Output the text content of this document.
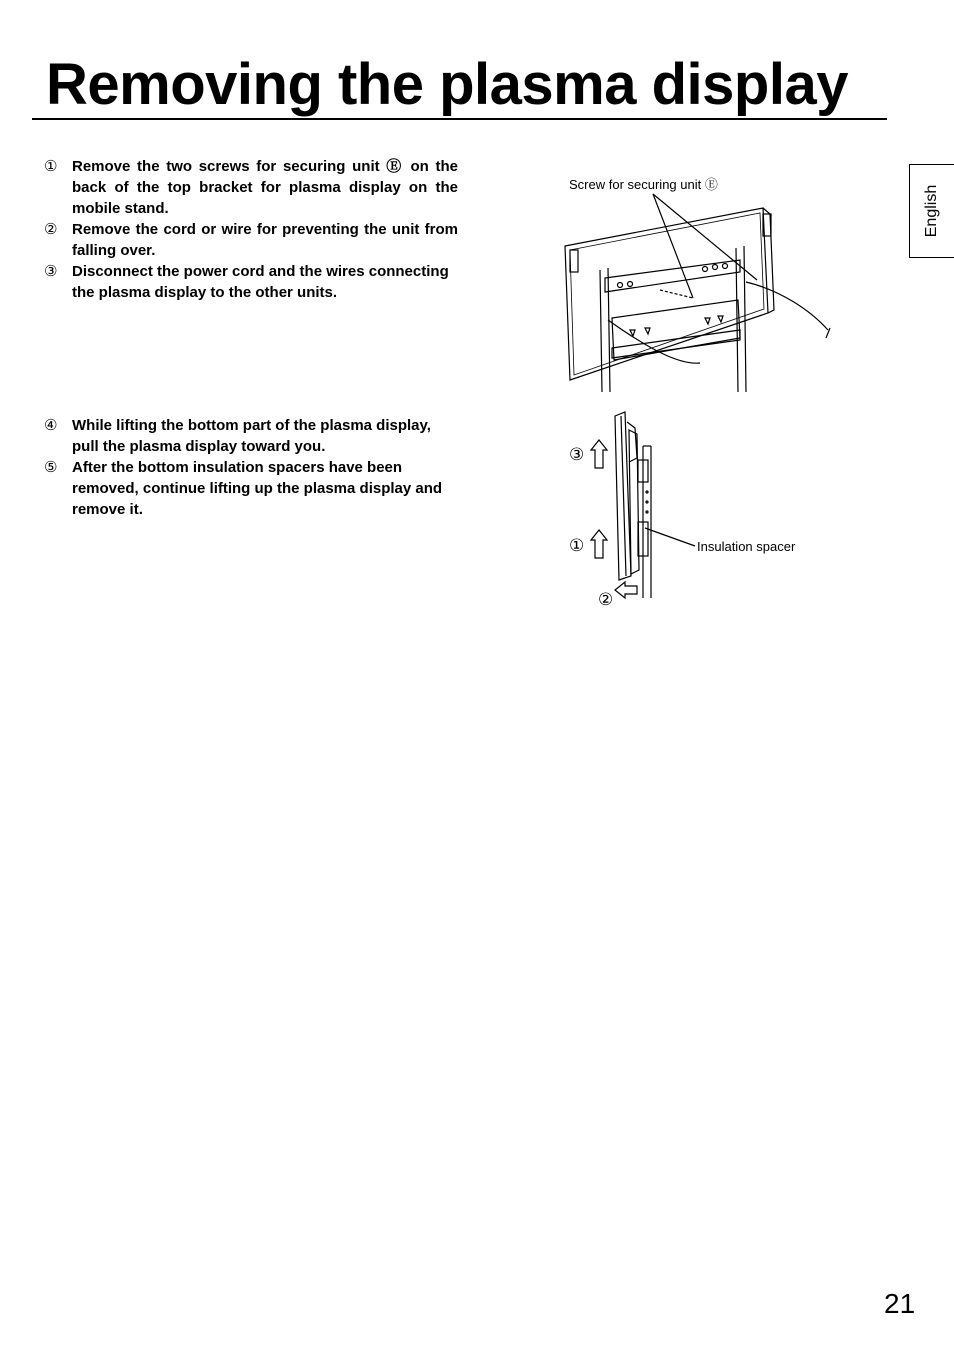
Removing the plasma display
English
① Remove the two screws for securing unit Ⓔ on the back of the top bracket for plasma display on the mobile stand.
② Remove the cord or wire for preventing the unit from falling over.
③ Disconnect the power cord and the wires connecting the plasma display to the other units.
④ While lifting the bottom part of the plasma display, pull the plasma display toward you.
⑤ After the bottom insulation spacers have been removed, continue lifting up the plasma display and remove it.
Screw for securing unit Ⓔ
③
①
②
Insulation spacer
21
